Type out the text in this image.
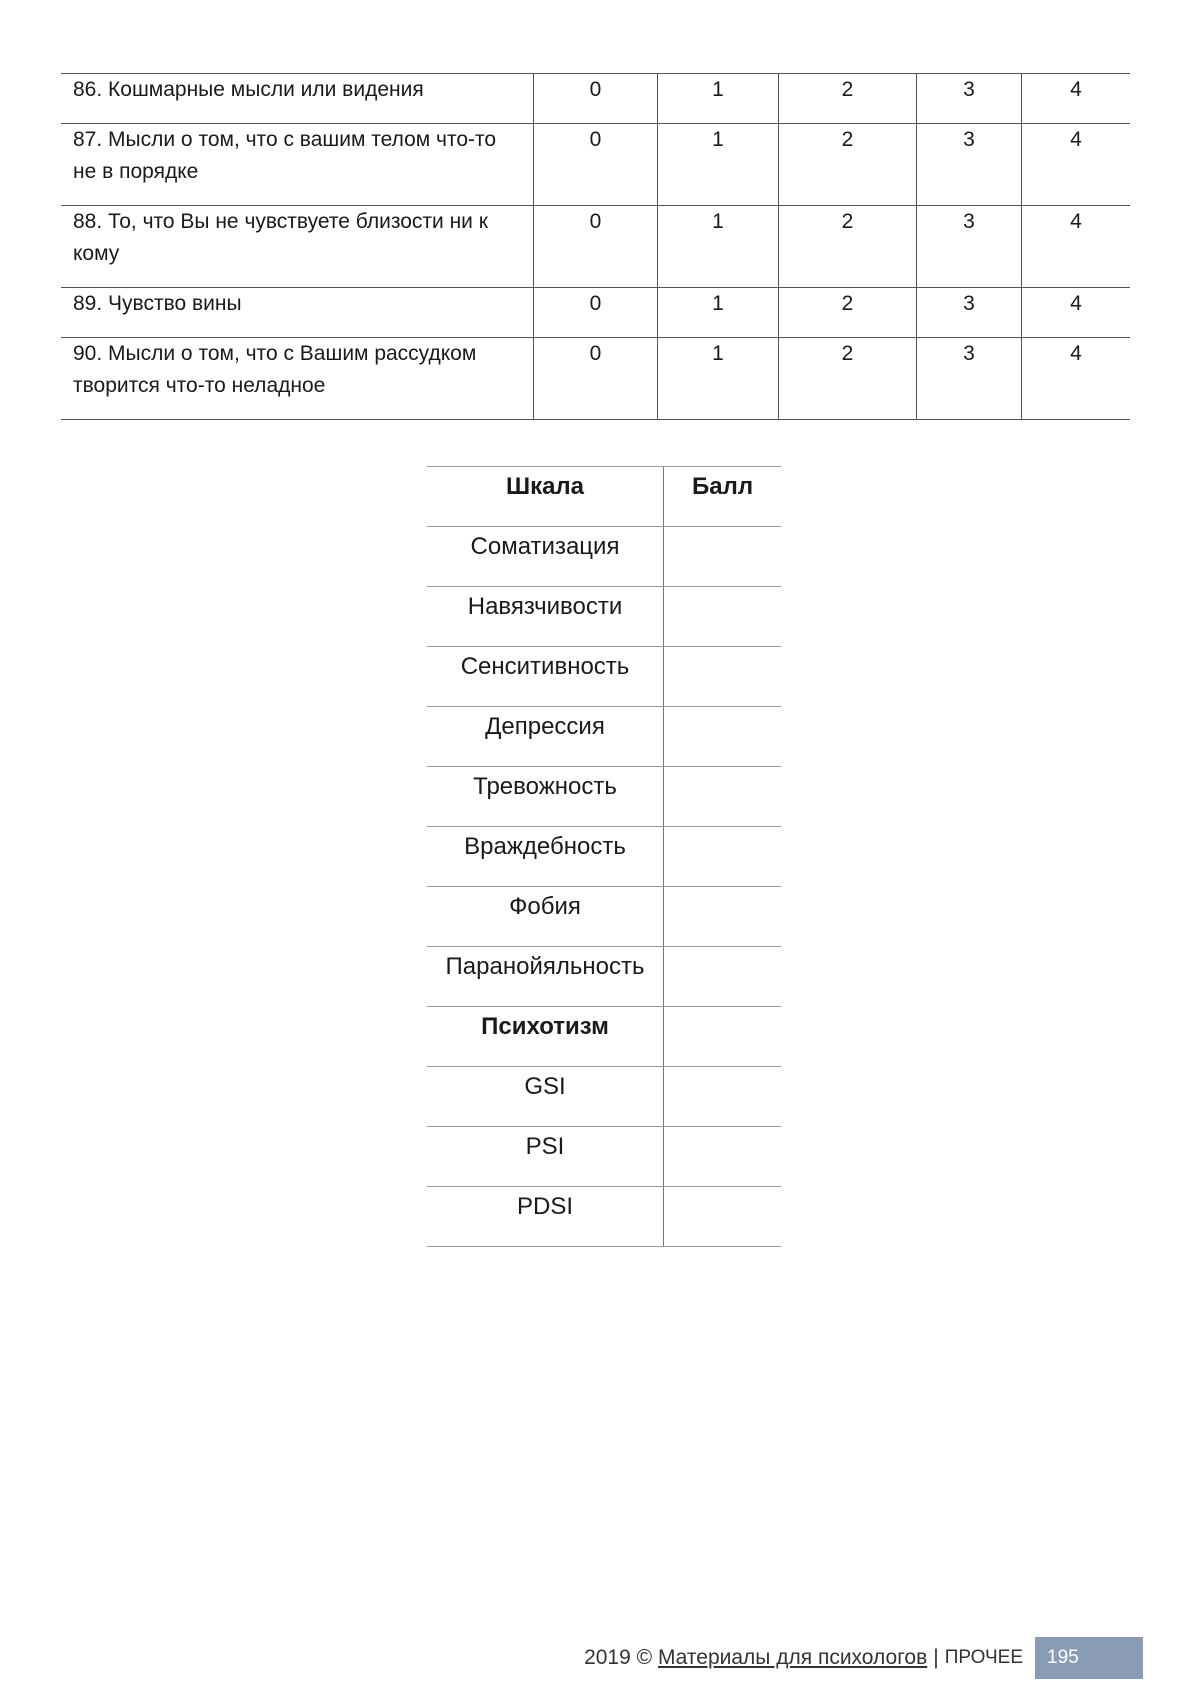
86. Кошмарные мысли или видения	0	1	2	3	4
87. Мысли о том, что с вашим телом что-то не в порядке	0	1	2	3	4
88. То, что Вы не чувствуете близости ни к кому	0	1	2	3	4
89. Чувство вины	0	1	2	3	4
90. Мысли о том, что с Вашим рассудком творится что-то неладное	0	1	2	3	4
Шкала	Балл
Соматизация	
Навязчивости	
Сенситивность	
Депрессия	
Тревожность	
Враждебность	
Фобия	
Паранойяльность	
Психотизм	
GSI	
PSI	
PDSI	
2019 ©
Материалы для психологов | ПРОЧЕЕ	195
